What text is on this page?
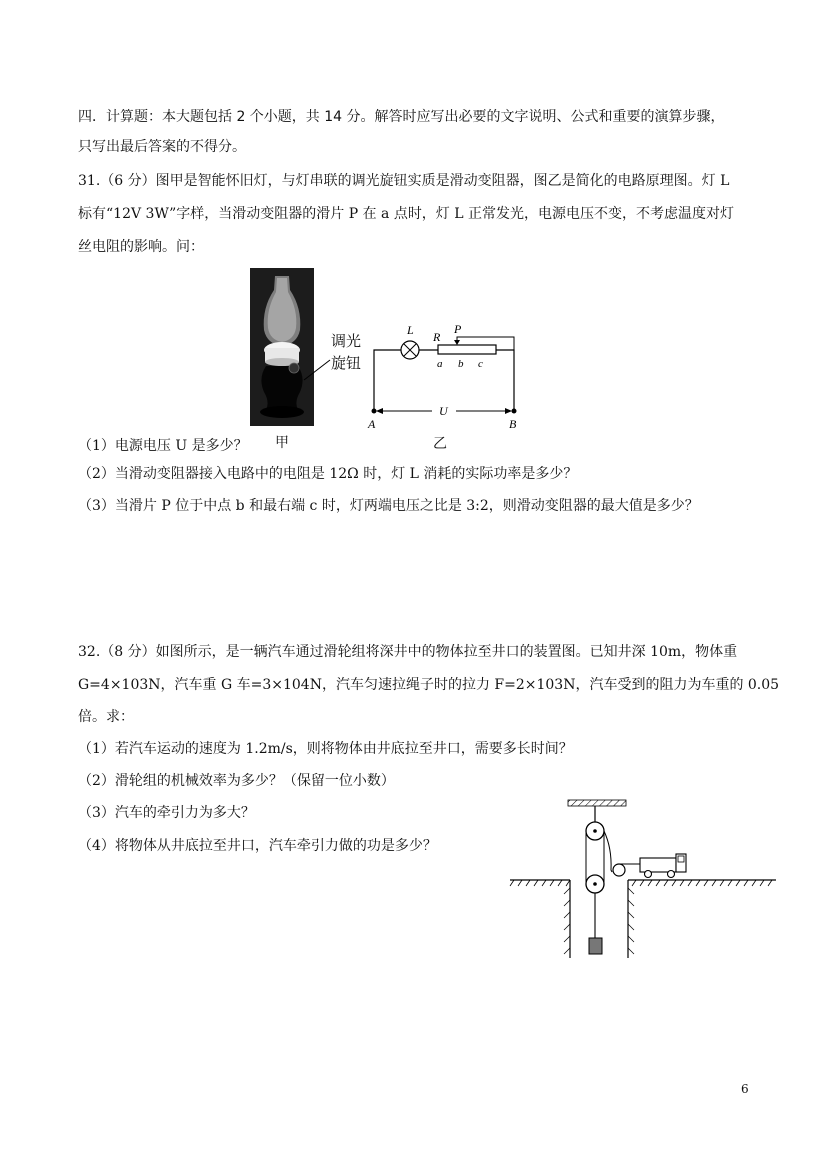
四．计算题：本大题包括 2 个小题，共 14 分。解答时应写出必要的文字说明、公式和重要的演算步骤，
只写出最后答案的不得分。
31.（6 分）图甲是智能怀旧灯，与灯串联的调光旋钮实质是滑动变阻器，图乙是简化的电路原理图。灯 L
标有“12V 3W”字样，当滑动变阻器的滑片 P 在 a 点时，灯 L 正常发光，电源电压不变，不考虑温度对灯
丝电阻的影响。问：
调光
旋钮
甲
L R
P
a b c
U
A	B
乙
（1）电源电压 U 是多少？
（2）当滑动变阻器接入电路中的电阻是 12Ω 时，灯 L 消耗的实际功率是多少？
（3）当滑片 P 位于中点 b 和最右端 c 时，灯两端电压之比是 3:2，则滑动变阻器的最大值是多少？
32.（8 分）如图所示，是一辆汽车通过滑轮组将深井中的物体拉至井口的装置图。已知井深 10m，物体重
G=4×103N，汽车重 G 车=3×104N，汽车匀速拉绳子时的拉力 F=2×103N，汽车受到的阻力为车重的 0.05
倍。求：
（1）若汽车运动的速度为 1.2m/s，则将物体由井底拉至井口，需要多长时间？
（2）滑轮组的机械效率为多少？（保留一位小数）
（3）汽车的牵引力为多大？
（4）将物体从井底拉至井口，汽车牵引力做的功是多少？
6
